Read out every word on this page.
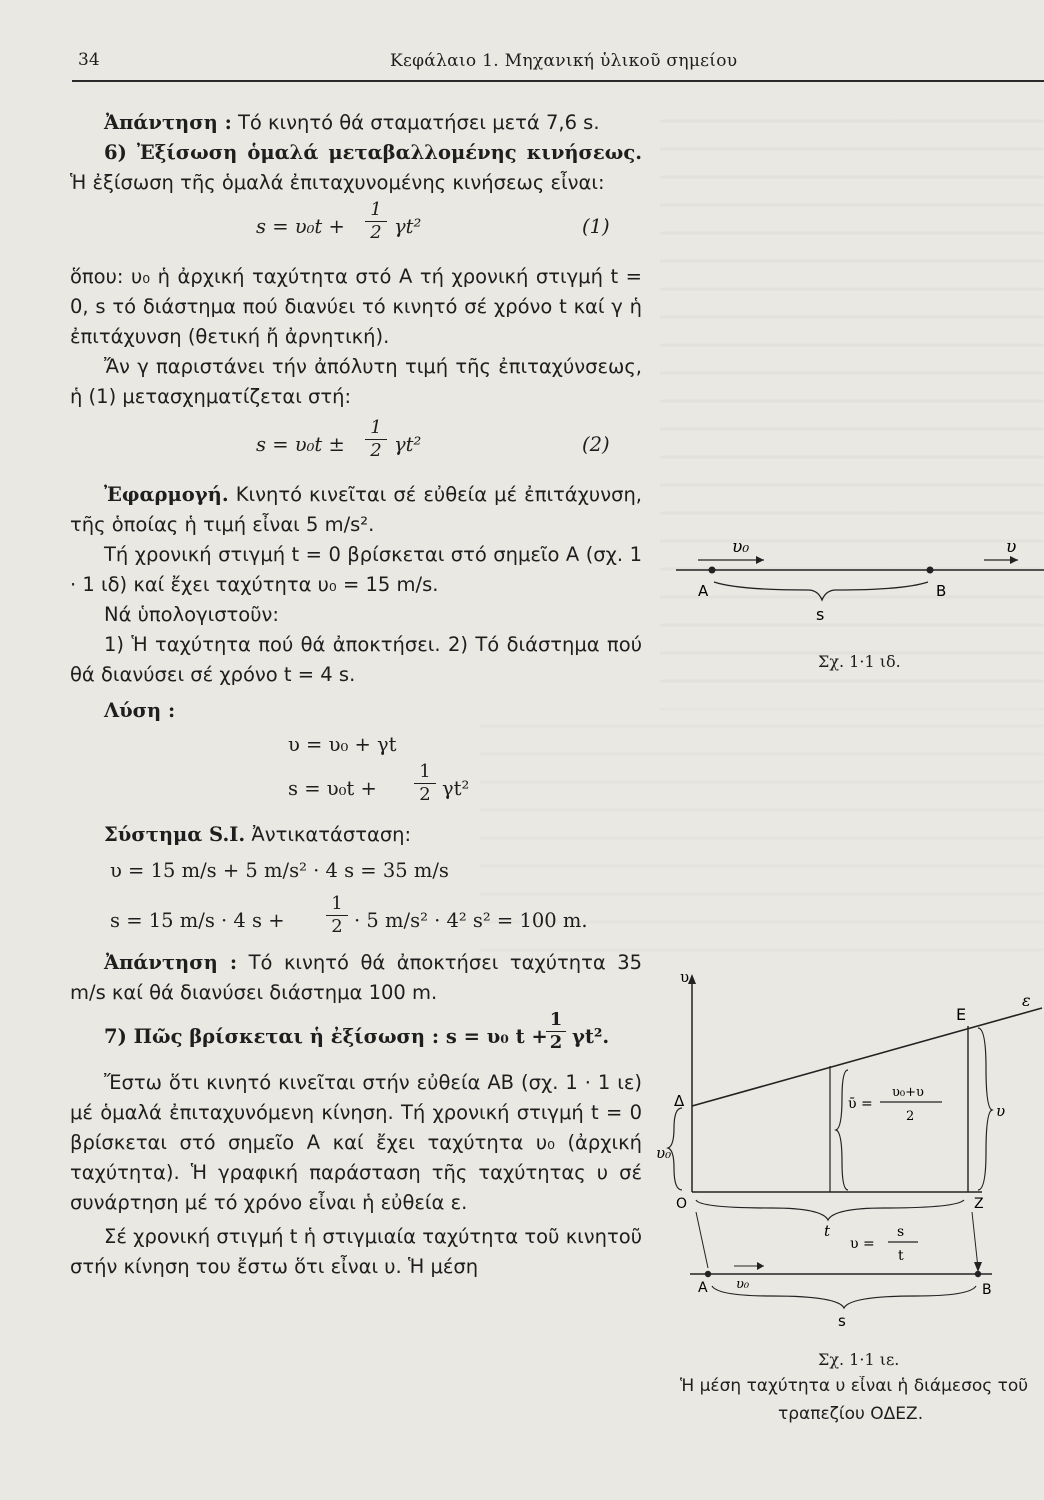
34	Κεφάλαιο 1. Μηχανική ὑλικοῦ σημείου

Ἀπάντηση : Τό κινητό θά σταματήσει μετά 7,6 s.

6) Ἐξίσωση ὁμαλά μεταβαλλομένης κινήσεως. Ἡ ἐξίσωση τῆς ὁμαλά ἐπιταχυνομένης κινήσεως εἶναι:

s = υ₀t +
1
2 γt²	(1)

ὅπου: υ₀ ἡ ἀρχική ταχύτητα στό Α τή χρονική στιγμή t = 0, s τό διάστημα πού διανύει τό κινητό σέ χρόνο t καί γ ἡ ἐπιτάχυνση (θετική ἤ ἀρνητική).

Ἄν γ παριστάνει τήν ἀπόλυτη τιμή τῆς ἐπιταχύνσεως, ἡ (1) μετασχηματίζεται στή:

s = υ₀t ±
1
2 γt²	(2)

Ἐφαρμογή. Κινητό κινεῖται σέ εὐθεία μέ ἐπιτάχυνση, τῆς ὁποίας ἡ τιμή εἶναι 5 m/s².

Τή χρονική στιγμή t = 0 βρίσκεται στό σημεῖο Α (σχ. 1 · 1 ιδ) καί ἔχει ταχύτητα υ₀ = 15 m/s.

Νά ὑπολογιστοῦν:

1) Ἡ ταχύτητα πού θά ἀποκτήσει. 2) Τό διάστημα πού θά διανύσει σέ χρόνο t = 4 s.

Λύση :

υ = υ₀ + γt
s = υ₀t +
1
2 γt²

Σύστημα S.I. Ἀντικατάσταση:

υ = 15 m/s + 5 m/s² · 4 s = 35 m/s
s = 15 m/s · 4 s +
1
2 · 5 m/s² · 4² s² = 100 m.

Ἀπάντηση : Τό κινητό θά ἀποκτήσει ταχύτητα 35 m/s καί θά διανύσει διάστημα 100 m.

7) Πῶς βρίσκεται ἡ ἐξίσωση : s = υ₀ t +
1
2 γt².

Ἔστω ὅτι κινητό κινεῖται στήν εὐθεία ΑΒ (σχ. 1 · 1 ιε) μέ ὁμαλά ἐπιταχυνόμενη κίνηση. Τή χρονική στιγμή t = 0 βρίσκεται στό σημεῖο Α καί ἔχει ταχύτητα υ₀ (ἀρχική ταχύτητα). Ἡ γραφική παράσταση τῆς ταχύτητας υ σέ συνάρτηση μέ τό χρόνο εἶναι ἡ εὐθεία ε.

Σέ χρονική στιγμή t ἡ στιγμιαία ταχύτητα τοῦ κινητοῦ στήν κίνηση του ἔστω ὅτι εἶναι υ. Ἡ μέση

υ₀	υ
Α	Β
s
Σχ. 1·1 ιδ.
υ
Ε
ε
Δ
O	Z
υ₀
υ
ῡ =
υ₀+υ
2
t
υ =
s
t
Α	Β
υ₀
s
Σχ. 1·1 ιε.
Ἡ μέση ταχύτητα υ εἶναι ἡ διάμεσος τοῦ
τραπεζίου ΟΔΕΖ.
